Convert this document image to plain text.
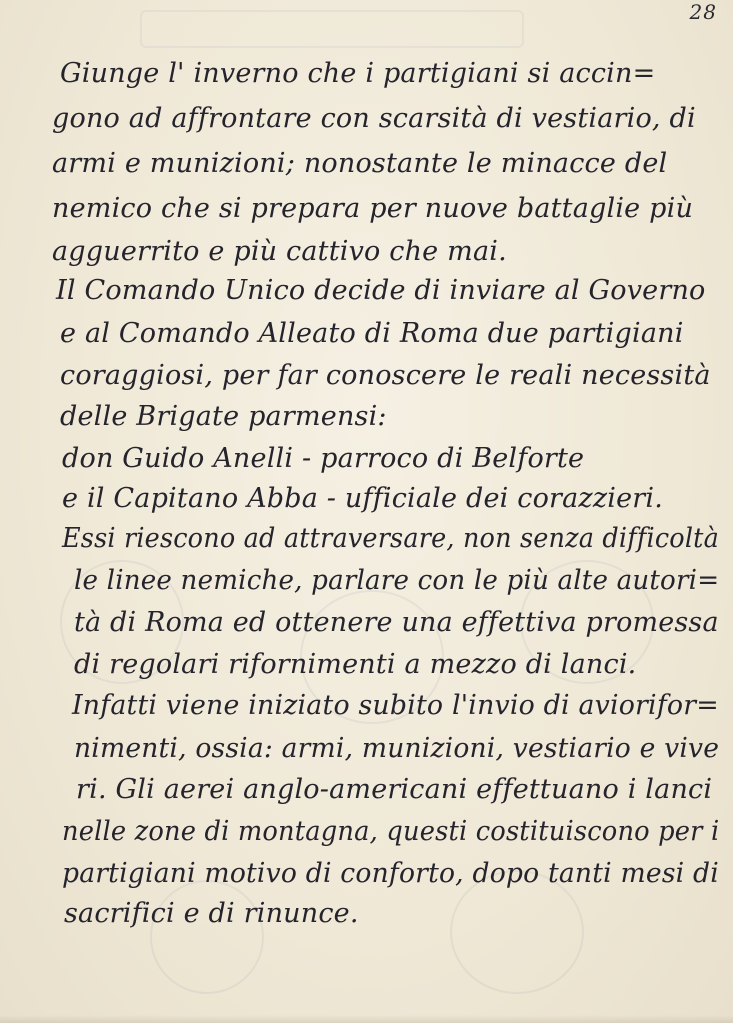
28
Giunge l' inverno che i partigiani si accin=
gono ad affrontare con scarsità di vestiario, di
armi e munizioni; nonostante le minacce del
nemico che si prepara per nuove battaglie più
agguerrito e più cattivo che mai.
Il Comando Unico decide di inviare al Governo
e al Comando Alleato di Roma due partigiani
coraggiosi, per far conoscere le reali necessità
delle Brigate parmensi:
don Guido Anelli - parroco di Belforte
e il Capitano Abba - ufficiale dei corazzieri.
Essi riescono ad attraversare, non senza difficoltà
le linee nemiche, parlare con le più alte autori=
tà di Roma ed ottenere una effettiva promessa
di regolari rifornimenti a mezzo di lanci.
Infatti viene iniziato subito l'invio di aviorifor=
nimenti, ossia: armi, munizioni, vestiario e vive
ri. Gli aerei anglo-americani effettuano i lanci
nelle zone di montagna, questi costituiscono per i
partigiani motivo di conforto, dopo tanti mesi di
sacrifici e di rinunce.
